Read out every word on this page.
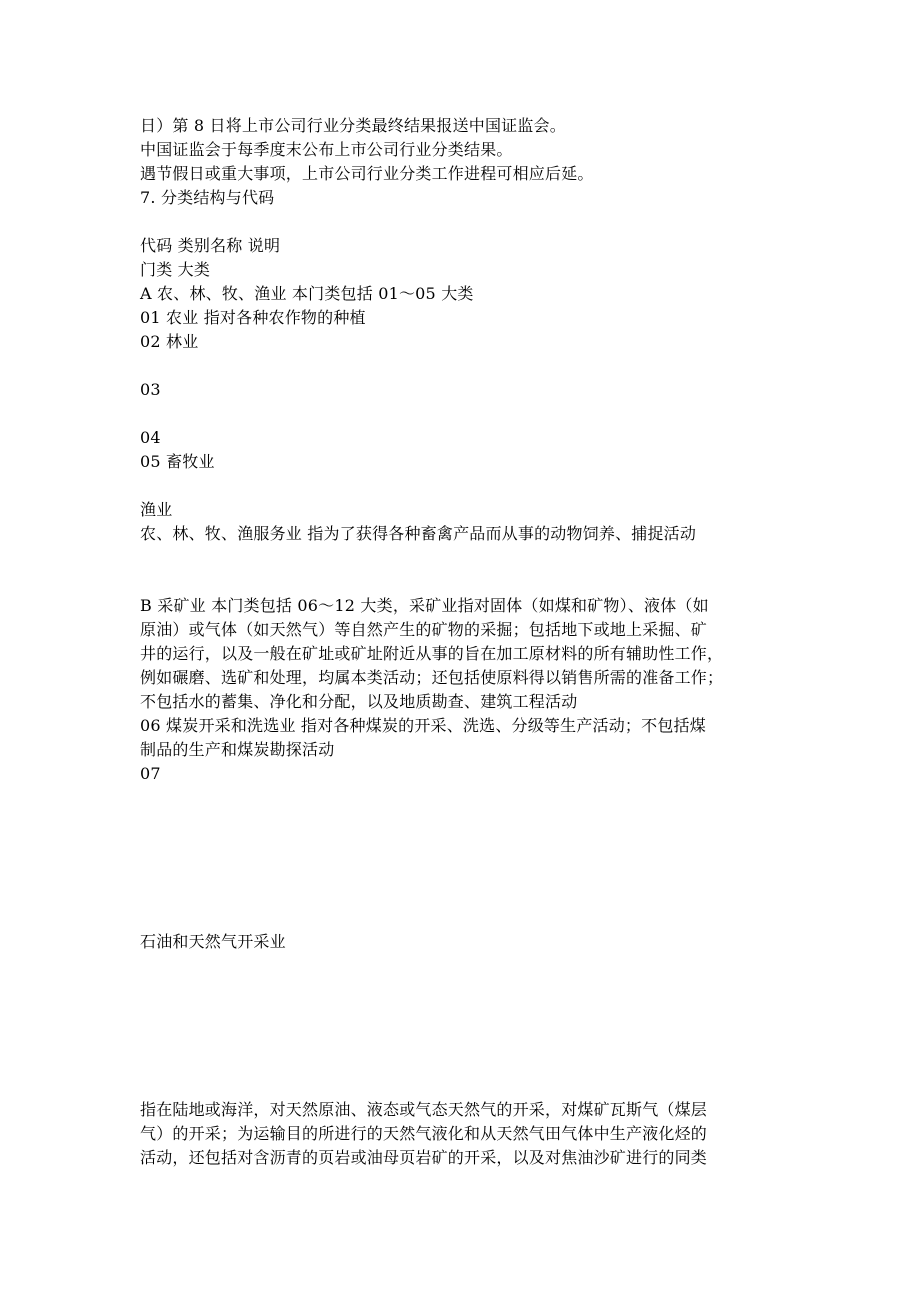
日）第 8 日将上市公司行业分类最终结果报送中国证监会。
中国证监会于每季度末公布上市公司行业分类结果。
遇节假日或重大事项，上市公司行业分类工作进程可相应后延。
7. 分类结构与代码
代码 类别名称 说明
门类 大类
A 农、林、牧、渔业 本门类包括 01～05 大类
01 农业 指对各种农作物的种植
02 林业
03
04
05 畜牧业
渔业
农、林、牧、渔服务业 指为了获得各种畜禽产品而从事的动物饲养、捕捉活动
B 采矿业 本门类包括 06～12 大类，采矿业指对固体（如煤和矿物）、液体（如
原油）或气体（如天然气）等自然产生的矿物的采掘；包括地下或地上采掘、矿
井的运行，以及一般在矿址或矿址附近从事的旨在加工原材料的所有辅助性工作，
例如碾磨、选矿和处理，均属本类活动；还包括使原料得以销售所需的准备工作；
不包括水的蓄集、净化和分配，以及地质勘查、建筑工程活动
06 煤炭开采和洗选业 指对各种煤炭的开采、洗选、分级等生产活动；不包括煤
制品的生产和煤炭勘探活动
07
石油和天然气开采业
指在陆地或海洋，对天然原油、液态或气态天然气的开采，对煤矿瓦斯气（煤层
气）的开采；为运输目的所进行的天然气液化和从天然气田气体中生产液化烃的
活动，还包括对含沥青的页岩或油母页岩矿的开采，以及对焦油沙矿进行的同类
